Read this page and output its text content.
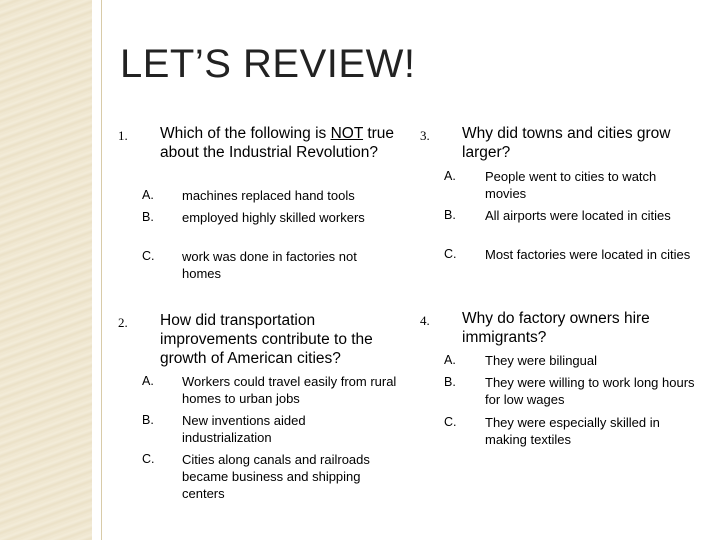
LET’S REVIEW!
1. Which of the following is NOT true about the Industrial Revolution?
A. machines replaced hand tools
B. employed highly skilled workers
C. work was done in factories not homes
2. How did transportation improvements contribute to the growth of American cities?
A. Workers could travel easily from rural homes to urban jobs
B. New inventions aided industrialization
C. Cities along canals and railroads became business and shipping centers
3. Why did towns and cities grow larger?
A. People went to cities to watch movies
B. All airports were located in cities
C. Most factories were located in cities
4. Why do factory owners hire immigrants?
A. They were bilingual
B. They were willing to work long hours for low wages
C. They were especially skilled in making textiles
